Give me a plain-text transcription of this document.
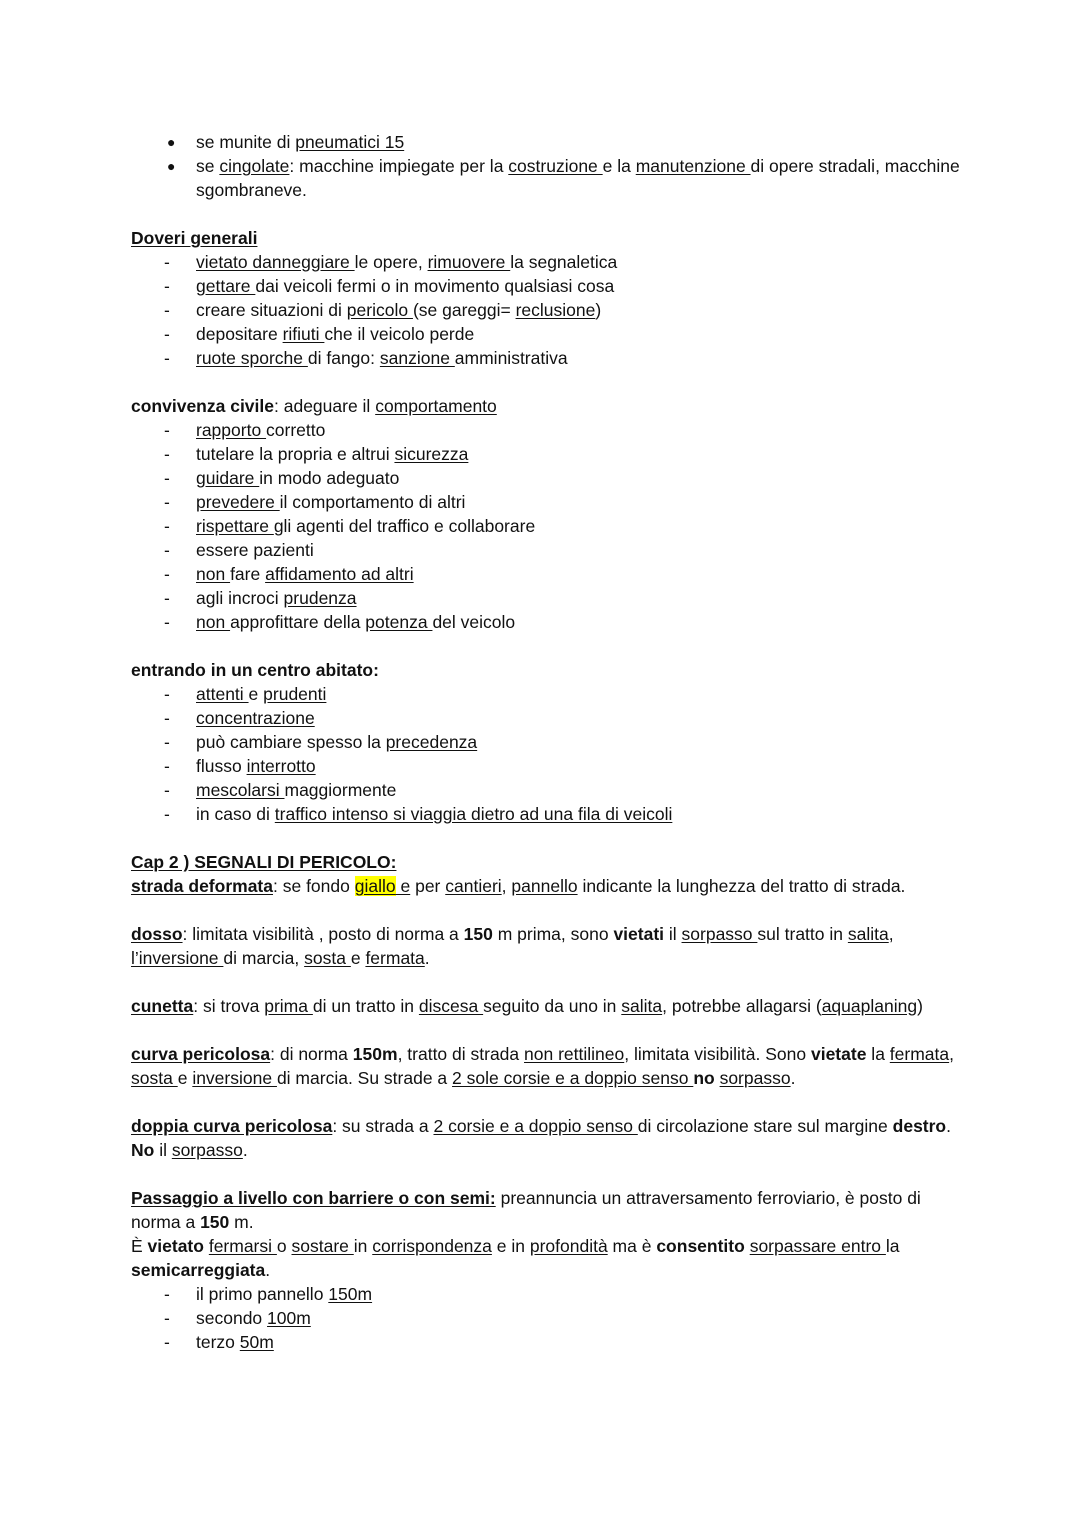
● se munite di pneumatici 15
● se cingolate: macchine impiegate per la costruzione e la manutenzione di opere stradali, macchine sgombraneve.
Doveri generali
- vietato danneggiare le opere, rimuovere la segnaletica
- gettare dai veicoli fermi o in movimento qualsiasi cosa
- creare situazioni di pericolo (se gareggi= reclusione)
- depositare rifiuti che il veicolo perde
- ruote sporche di fango: sanzione amministrativa
convivenza civile: adeguare il comportamento
- rapporto corretto
- tutelare la propria e altrui sicurezza
- guidare in modo adeguato
- prevedere il comportamento di altri
- rispettare gli agenti del traffico e collaborare
- essere pazienti
- non fare affidamento ad altri
- agli incroci prudenza
- non approfittare della potenza del veicolo
entrando in un centro abitato:
- attenti e prudenti
- concentrazione
- può cambiare spesso la precedenza
- flusso interrotto
- mescolarsi maggiormente
- in caso di traffico intenso si viaggia dietro ad una fila di veicoli
Cap 2 ) SEGNALI DI PERICOLO:
strada deformata: se fondo giallo e per cantieri, pannello indicante la lunghezza del tratto di strada.
dosso: limitata visibilità , posto di norma a 150 m prima, sono vietati il sorpasso sul tratto in salita, l’inversione di marcia, sosta e fermata.
cunetta: si trova prima di un tratto in discesa seguito da uno in salita, potrebbe allagarsi (aquaplaning)
curva pericolosa: di norma 150m, tratto di strada non rettilineo, limitata visibilità. Sono vietate la fermata, sosta e inversione di marcia. Su strade a 2 sole corsie e a doppio senso no sorpasso.
doppia curva pericolosa: su strada a 2 corsie e a doppio senso di circolazione stare sul margine destro. No il sorpasso.
Passaggio a livello con barriere o con semi: preannuncia un attraversamento ferroviario, è posto di norma a 150 m.
È vietato fermarsi o sostare in corrispondenza e in profondità ma è consentito sorpassare entro la semicarreggiata.
- il primo pannello 150m
- secondo 100m
- terzo 50m
